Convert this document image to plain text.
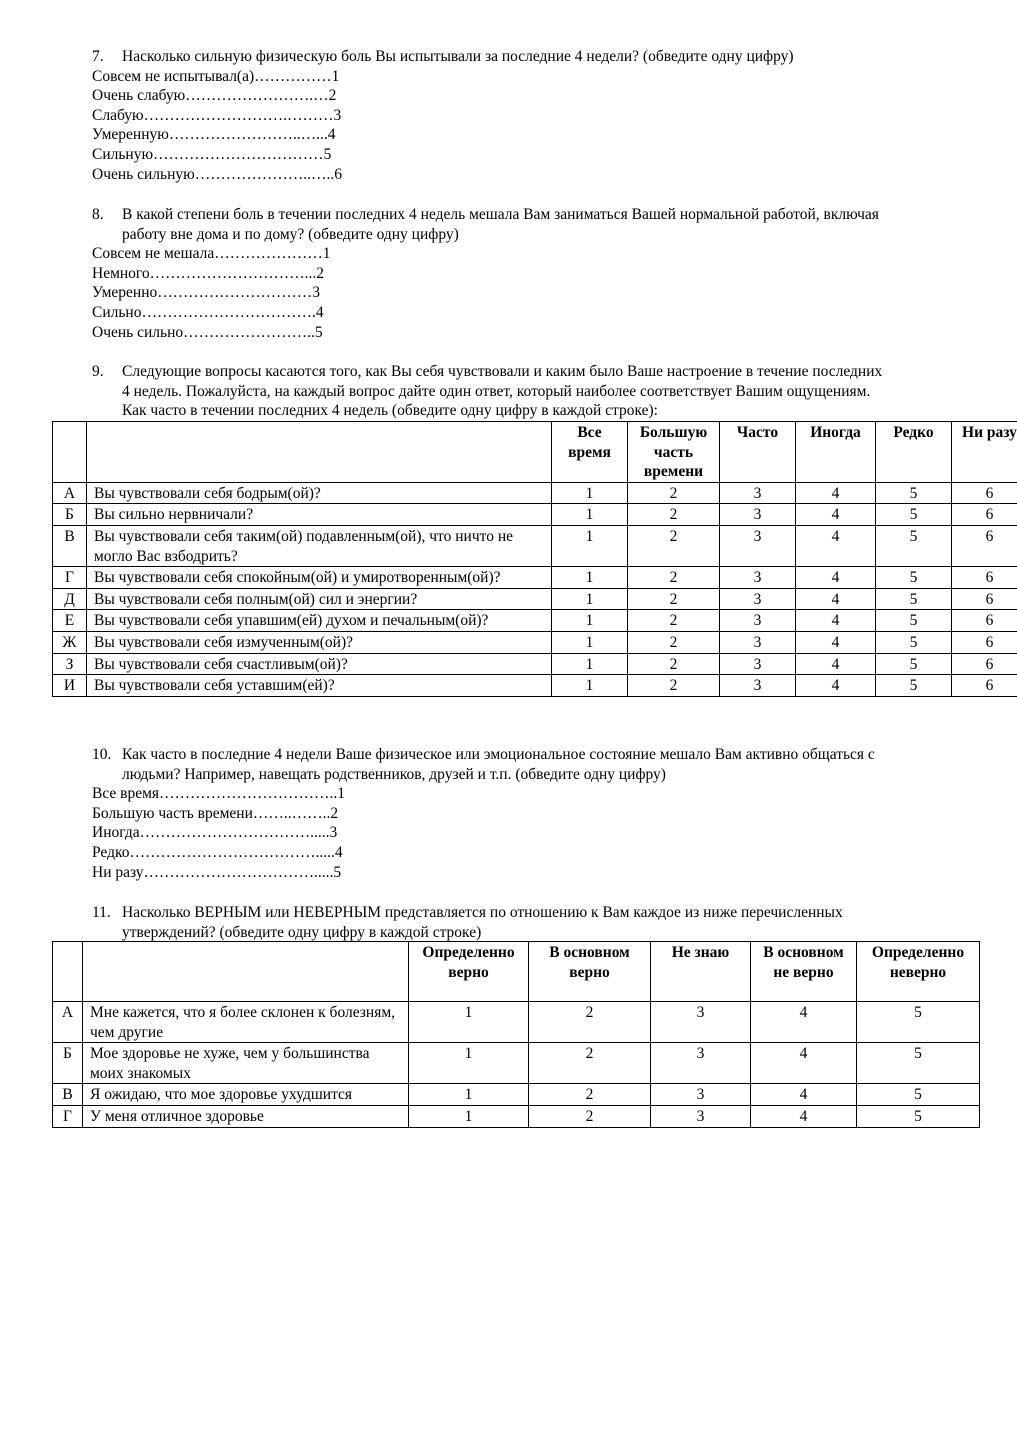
7. Насколько сильную физическую боль Вы испытывали за последние 4 недели? (обведите одну цифру)
Совсем не испытывал(а)……………1
Очень слабую…………………….…2
Слабую……………………….………3
Умеренную……………………..…...4
Сильную……………………………5
Очень сильную…………………..…..6
8. В какой степени боль в течении последних 4 недель мешала Вам заниматься Вашей нормальной работой, включая
работу вне дома и по дому? (обведите одну цифру)
Совсем не мешала…………………1
Немного…………………………...2
Умеренно…………………………3
Сильно…………………………….4
Очень сильно……………………..5
9. Следующие вопросы касаются того, как Вы себя чувствовали и каким было Ваше настроение в течение последних
4 недель. Пожалуйста, на каждый вопрос дайте один ответ, который наиболее соответствует Вашим ощущениям.
Как часто в течении последних 4 недель (обведите одну цифру в каждой строке):
		Все время	Большую часть времени	Часто	Иногда	Редко	Ни разу
А	Вы чувствовали себя бодрым(ой)?	1	2	3	4	5	6
Б	Вы сильно нервничали?	1	2	3	4	5	6
В	Вы чувствовали себя таким(ой) подавленным(ой), что ничто не могло Вас взбодрить?	1	2	3	4	5	6
Г	Вы чувствовали себя спокойным(ой) и умиротворенным(ой)?	1	2	3	4	5	6
Д	Вы чувствовали себя полным(ой) сил и энергии?	1	2	3	4	5	6
Е	Вы чувствовали себя упавшим(ей) духом и печальным(ой)?	1	2	3	4	5	6
Ж	Вы чувствовали себя измученным(ой)?	1	2	3	4	5	6
З	Вы чувствовали себя счастливым(ой)?	1	2	3	4	5	6
И	Вы чувствовали себя уставшим(ей)?	1	2	3	4	5	6
10. Как часто в последние 4 недели Ваше физическое или эмоциональное состояние мешало Вам активно общаться с
людьми? Например, навещать родственников, друзей и т.п. (обведите одну цифру)
Все время……………………………..1
Большую часть времени……..……..2
Иногда…………………………….....3
Редко……………………………….....4
Ни разу…………………………….....5
11. Насколько ВЕРНЫМ или НЕВЕРНЫМ представляется по отношению к Вам каждое из ниже перечисленных
утверждений? (обведите одну цифру в каждой строке)
		Определенно верно	В основном верно	Не знаю	В основном не верно	Определенно неверно
А	Мне кажется, что я более склонен к болезням, чем другие	1	2	3	4	5
Б	Мое здоровье не хуже, чем у большинства моих знакомых	1	2	3	4	5
В	Я ожидаю, что мое здоровье ухудшится	1	2	3	4	5
Г	У меня отличное здоровье	1	2	3	4	5
